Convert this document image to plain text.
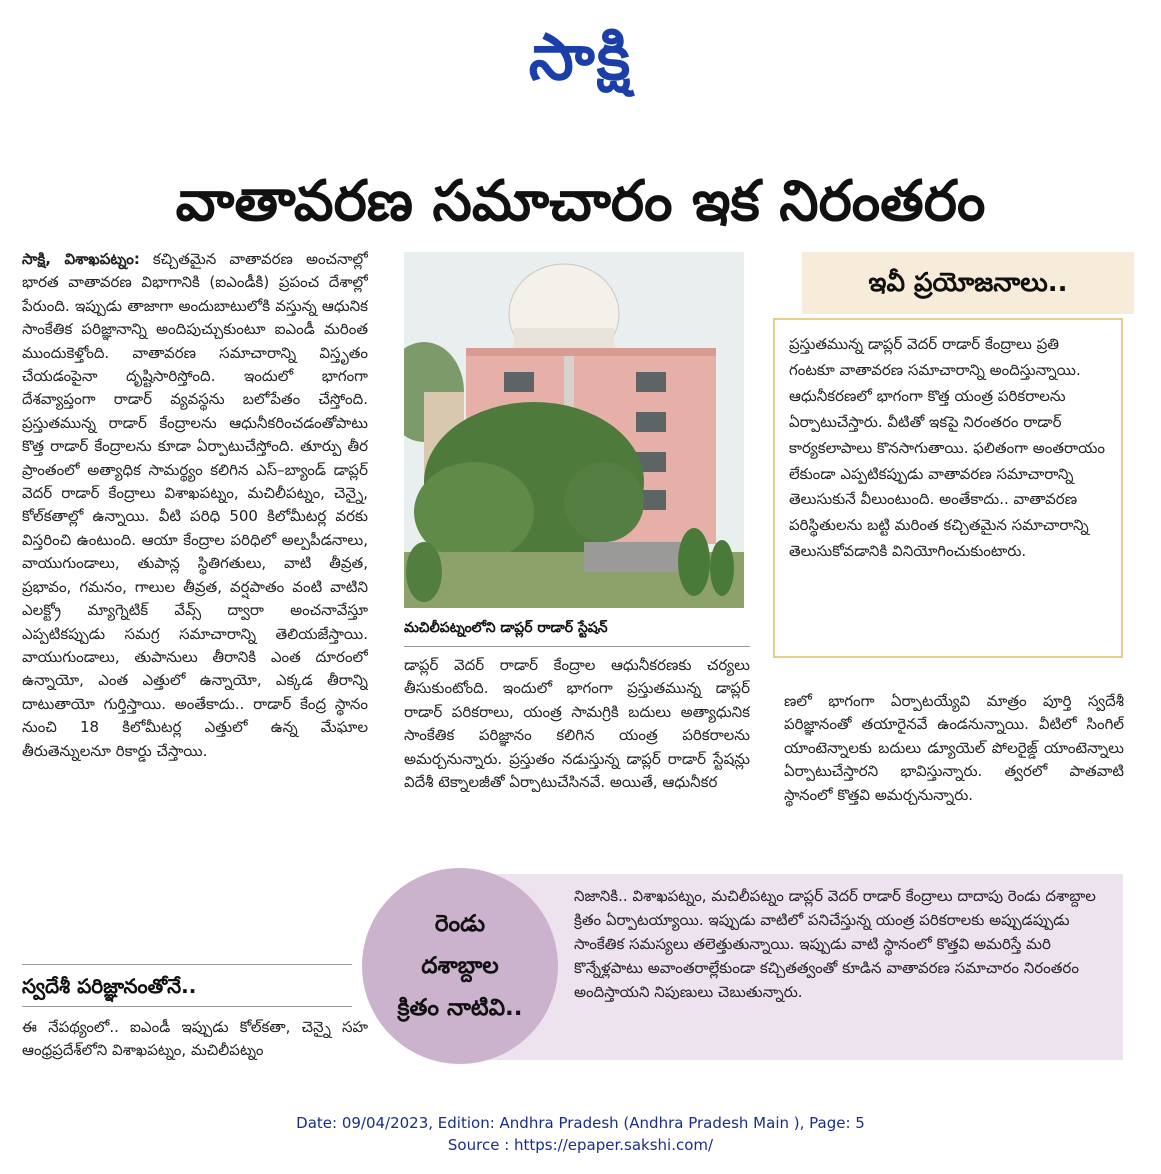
సాక్షి
వాతావరణ సమాచారం ఇక నిరంతరం
సాక్షి, విశాఖపట్నం: కచ్చితమైన వాతావరణ అంచనాల్లో భారత వాతావరణ విభాగానికి (ఐఎండీకి) ప్రపంచ దేశాల్లో పేరుంది. ఇప్పుడు తాజాగా అందుబాటులోకి వస్తున్న ఆధునిక సాంకేతిక పరిజ్ఞానాన్ని అందిపుచ్చుకుంటూ ఐఎండీ మరింత ముందుకెళ్తోంది. వాతావరణ సమాచారాన్ని విస్తృతం చేయడంపైనా దృష్టిసారిస్తోంది. ఇందులో భాగంగా దేశవ్యాప్తంగా రాడార్ వ్యవస్థను బలోపేతం చేస్తోంది. ప్రస్తుతమున్న రాడార్ కేంద్రాలను ఆధునీకరించడంతోపాటు కొత్త రాడార్ కేంద్రాలను కూడా ఏర్పాటుచేస్తోంది. తూర్పు తీర ప్రాంతంలో అత్యాధిక సామర్థ్యం కలిగిన ఎస్–బ్యాండ్ డాప్లర్ వెదర్ రాడార్ కేంద్రాలు విశాఖపట్నం, మచిలీపట్నం, చెన్నై, కోల్‌కతాల్లో ఉన్నాయి. వీటి పరిధి 500 కిలోమీటర్ల వరకు విస్తరించి ఉంటుంది. ఆయా కేంద్రాల పరిధిలో అల్పపీడనాలు, వాయుగుండాలు, తుపాన్ల స్థితిగతులు, వాటి తీవ్రత, ప్రభావం, గమనం, గాలుల తీవ్రత, వర్షపాతం వంటి వాటిని ఎలక్ట్రో మ్యాగ్నెటిక్ వేవ్స్ ద్వారా అంచనావేస్తూ ఎప్పటికప్పుడు సమగ్ర సమాచారాన్ని తెలియజేస్తాయి. వాయుగుండాలు, తుపానులు తీరానికి ఎంత దూరంలో ఉన్నాయో, ఎంత ఎత్తులో ఉన్నాయో, ఎక్కడ తీరాన్ని దాటుతాయో గుర్తిస్తాయి. అంతేకాదు.. రాడార్ కేంద్ర స్థానం నుంచి 18 కిలోమీటర్ల ఎత్తులో ఉన్న మేఘాల తీరుతెన్నులనూ రికార్డు చేస్తాయి.
స్వదేశీ పరిజ్ఞానంతోనే..
ఈ నేపథ్యంలో.. ఐఎండీ ఇప్పుడు కోల్‌కతా, చెన్నై సహ ఆంధ్రప్రదేశ్‌లోని విశాఖపట్నం, మచిలీపట్నం
మచిలీపట్నంలోని డాప్లర్ రాడార్ స్టేషన్
డాప్లర్ వెదర్ రాడార్ కేంద్రాల ఆధునీకరణకు చర్యలు తీసుకుంటోంది. ఇందులో భాగంగా ప్రస్తుతమున్న డాప్లర్ రాడార్ పరికరాలు, యంత్ర సామగ్రికి బదులు అత్యాధునిక సాంకేతిక పరిజ్ఞానం కలిగిన యంత్ర పరికరాలను అమర్చనున్నారు. ప్రస్తుతం నడుస్తున్న డాప్లర్ రాడార్ స్టేషన్లు విదేశీ టెక్నాలజీతో ఏర్పాటుచేసినవే. అయితే, ఆధునీకర
ఇవీ ప్రయోజనాలు..
ప్రస్తుతమున్న డాప్లర్ వెదర్ రాడార్ కేంద్రాలు ప్రతి గంటకూ వాతావరణ సమాచారాన్ని అందిస్తున్నాయి. ఆధునీకరణలో భాగంగా కొత్త యంత్ర పరికరాలను ఏర్పాటుచేస్తారు. వీటితో ఇకపై నిరంతరం రాడార్ కార్యకలాపాలు కొనసాగుతాయి. ఫలితంగా అంతరాయం లేకుండా ఎప్పటికప్పుడు వాతావరణ సమాచారాన్ని తెలుసుకునే వీలుంటుంది. అంతేకాదు.. వాతావరణ పరిస్థితులను బట్టి మరింత కచ్చితమైన సమాచారాన్ని తెలుసుకోవడానికి వినియోగించుకుంటారు.
ణలో భాగంగా ఏర్పాటయ్యేవి మాత్రం పూర్తి స్వదేశీ పరిజ్ఞానంతో తయారైనవే ఉండనున్నాయి. వీటిలో సింగిల్ యాంటెన్నాలకు బదులు డ్యూయెల్ పోలరైజ్డ్ యాంటెన్నాలు ఏర్పాటుచేస్తారని భావిస్తున్నారు. త్వరలో పాతవాటి స్థానంలో కొత్తవి అమర్చనున్నారు.
నిజానికి.. విశాఖపట్నం, మచిలీపట్నం డాప్లర్ వెదర్ రాడార్ కేంద్రాలు దాదాపు రెండు దశాబ్దాల క్రితం ఏర్పాటయ్యాయి. ఇప్పుడు వాటిలో పనిచేస్తున్న యంత్ర పరికరాలకు అప్పుడప్పుడు సాంకేతిక సమస్యలు తలెత్తుతున్నాయి. ఇప్పుడు వాటి స్థానంలో కొత్తవి అమరిస్తే మరి కొన్నేళ్లపాటు అవాంతరాల్లేకుండా కచ్చితత్వంతో కూడిన వాతావరణ సమాచారం నిరంతరం అందిస్తాయని నిపుణులు చెబుతున్నారు.
రెండు
దశాబ్దాల
క్రితం నాటివి..
Date: 09/04/2023, Edition: Andhra Pradesh (Andhra Pradesh Main ), Page: 5
Source : https://epaper.sakshi.com/
